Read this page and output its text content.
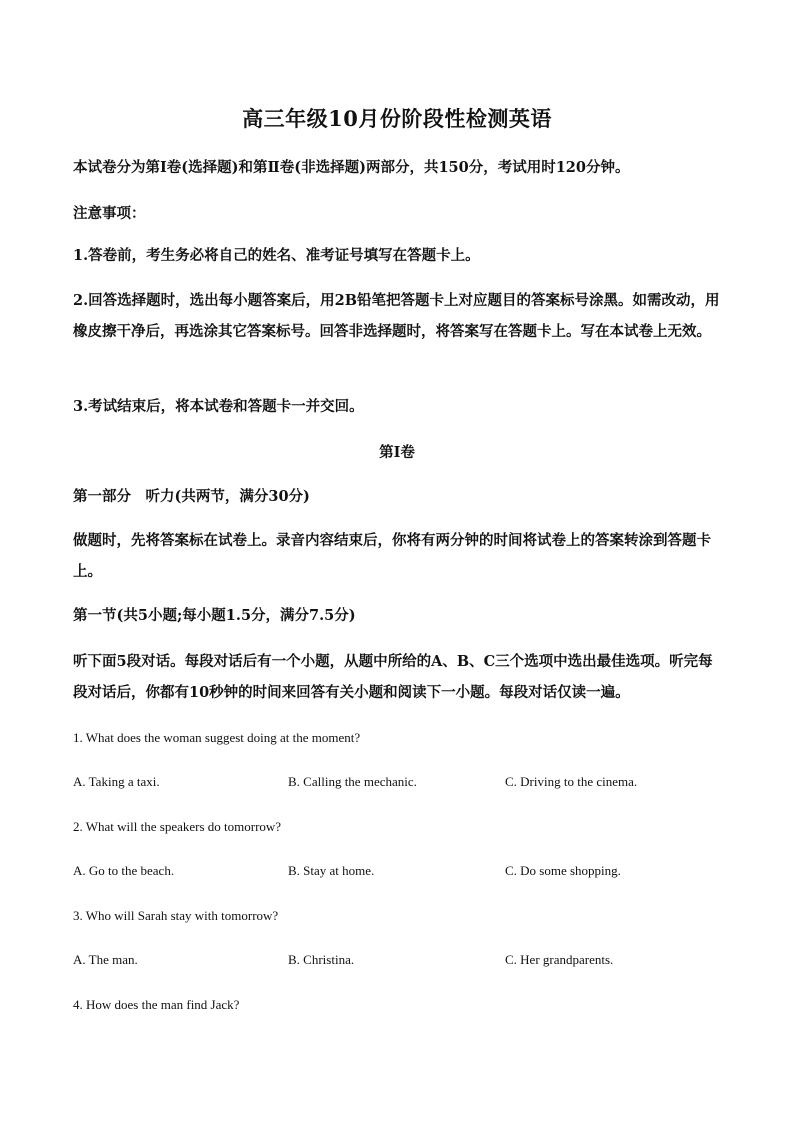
高三年级10月份阶段性检测英语
本试卷分为第Ⅰ卷(选择题)和第Ⅱ卷(非选择题)两部分，共150分，考试用时120分钟。
注意事项：
1.答卷前，考生务必将自己的姓名、准考证号填写在答题卡上。
2.回答选择题时，选出每小题答案后，用2B铅笔把答题卡上对应题目的答案标号涂黑。如需改动，用橡皮擦干净后，再选涂其它答案标号。回答非选择题时，将答案写在答题卡上。写在本试卷上无效。
3.考试结束后，将本试卷和答题卡一并交回。
第Ⅰ卷
第一部分　听力(共两节，满分30分)
做题时，先将答案标在试卷上。录音内容结束后，你将有两分钟的时间将试卷上的答案转涂到答题卡上。
第一节(共5小题;每小题1.5分，满分7.5分)
听下面5段对话。每段对话后有一个小题，从题中所给的A、B、C三个选项中选出最佳选项。听完每段对话后，你都有10秒钟的时间来回答有关小题和阅读下一小题。每段对话仅读一遍。
1. What does the woman suggest doing at the moment?
A. Taking a taxi.	B. Calling the mechanic.	C. Driving to the cinema.
2. What will the speakers do tomorrow?
A. Go to the beach.	B. Stay at home.	C. Do some shopping.
3. Who will Sarah stay with tomorrow?
A. The man.	B. Christina.	C. Her grandparents.
4. How does the man find Jack?
